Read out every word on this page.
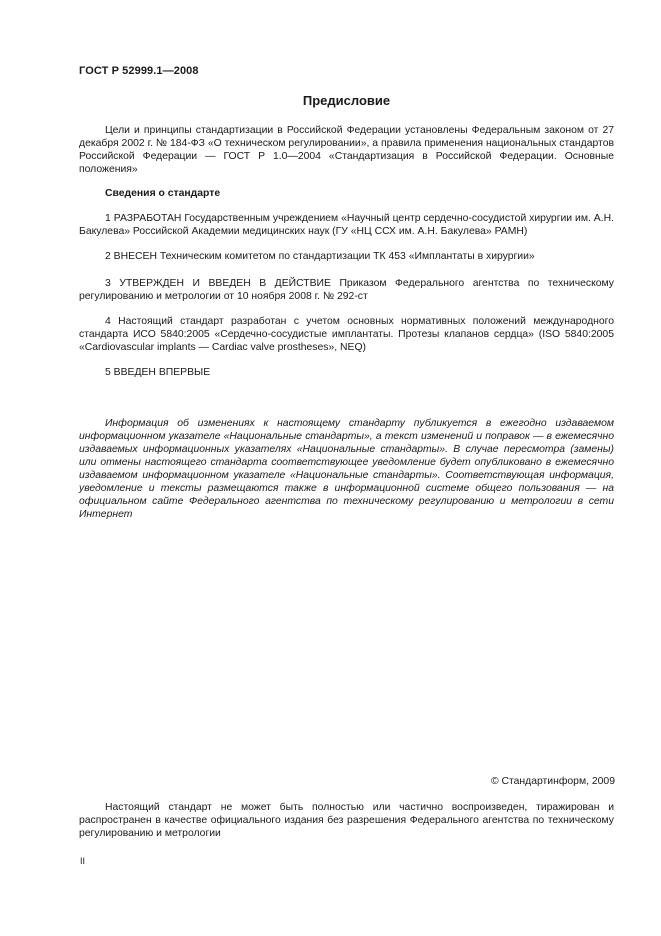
ГОСТ Р 52999.1—2008
Предисловие
Цели и принципы стандартизации в Российской Федерации установлены Федеральным законом от 27 декабря 2002 г. № 184-ФЗ «О техническом регулировании», а правила применения национальных стандартов Российской Федерации — ГОСТ Р 1.0—2004 «Стандартизация в Российской Федерации. Основные положения»
Сведения о стандарте
1 РАЗРАБОТАН Государственным учреждением «Научный центр сердечно-сосудистой хирургии им. А.Н. Бакулева» Российской Академии медицинских наук (ГУ «НЦ ССХ им. А.Н. Бакулева» РАМН)
2 ВНЕСЕН Техническим комитетом по стандартизации ТК 453 «Имплантаты в хирургии»
3 УТВЕРЖДЕН И ВВЕДЕН В ДЕЙСТВИЕ Приказом Федерального агентства по техническому регулированию и метрологии от 10 ноября 2008 г. № 292-ст
4 Настоящий стандарт разработан с учетом основных нормативных положений международного стандарта ИСО 5840:2005 «Сердечно-сосудистые имплантаты. Протезы клапанов сердца» (ISO 5840:2005 «Cardiovascular implants — Cardiac valve prostheses», NEQ)
5 ВВЕДЕН ВПЕРВЫЕ
Информация об изменениях к настоящему стандарту публикуется в ежегодно издаваемом информационном указателе «Национальные стандарты», а текст изменений и поправок — в ежемесячно издаваемых информационных указателях «Национальные стандарты». В случае пересмотра (замены) или отмены настоящего стандарта соответствующее уведомление будет опубликовано в ежемесячно издаваемом информационном указателе «Национальные стандарты». Соответствующая информация, уведомление и тексты размещаются также в информационной системе общего пользования — на официальном сайте Федерального агентства по техническому регулированию и метрологии в сети Интернет
© Стандартинформ, 2009
Настоящий стандарт не может быть полностью или частично воспроизведен, тиражирован и распространен в качестве официального издания без разрешения Федерального агентства по техническому регулированию и метрологии
II
